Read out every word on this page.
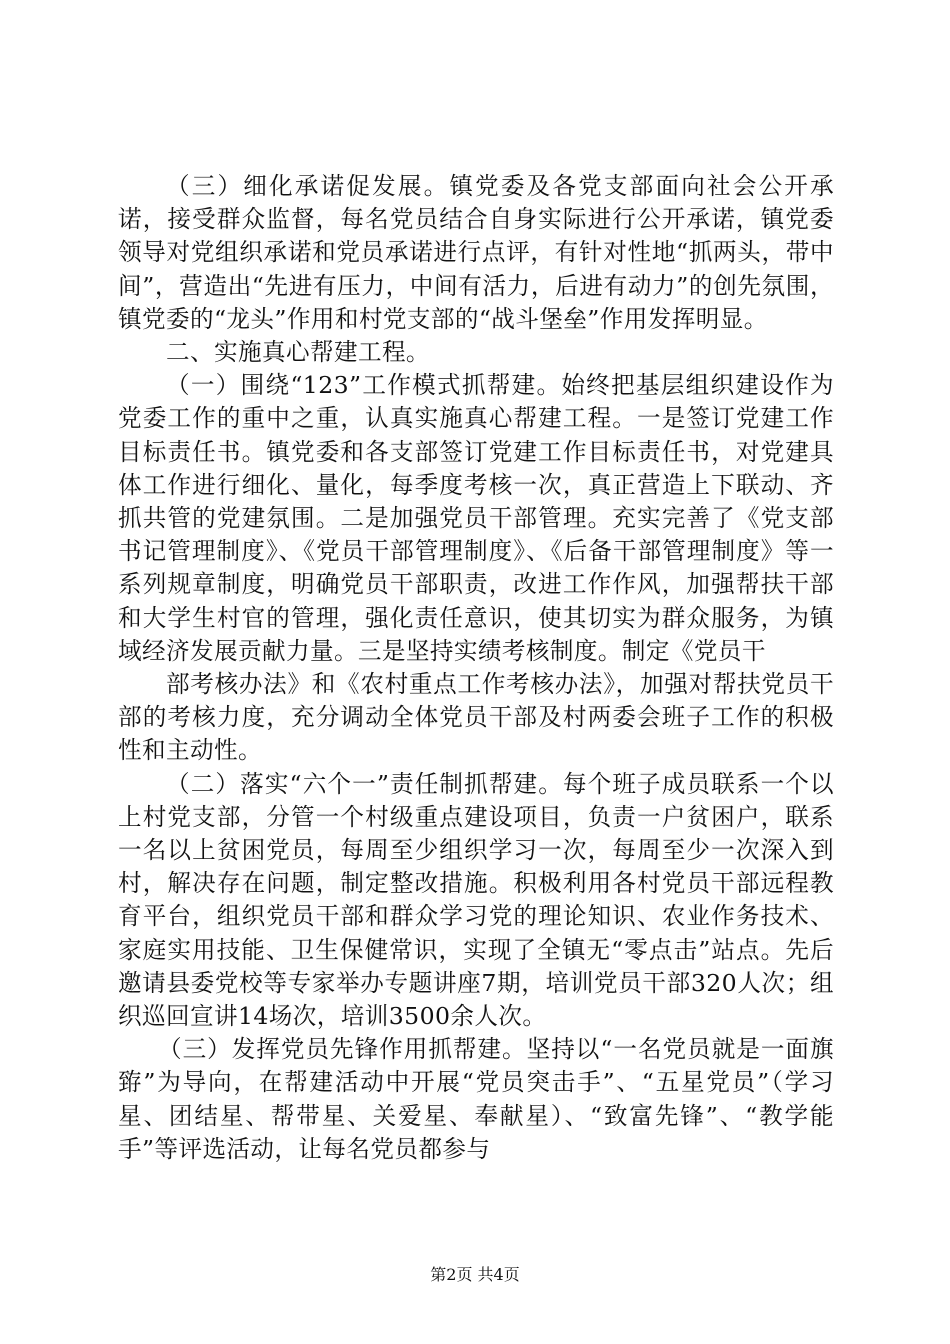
（三）细化承诺促发展。镇党委及各党支部面向社会公开承诺，接受群众监督，每名党员结合自身实际进行公开承诺，镇党委领导对党组织承诺和党员承诺进行点评，有针对性地“抓两头，带中间”，营造出“先进有压力，中间有活力，后进有动力”的创先氛围，镇党委的“龙头”作用和村党支部的“战斗堡垒”作用发挥明显。

二、实施真心帮建工程。

（一）围绕“123”工作模式抓帮建。始终把基层组织建设作为党委工作的重中之重，认真实施真心帮建工程。一是签订党建工作目标责任书。镇党委和各支部签订党建工作目标责任书，对党建具体工作进行细化、量化，每季度考核一次，真正营造上下联动、齐抓共管的党建氛围。二是加强党员干部管理。充实完善了《党支部书记管理制度》、《党员干部管理制度》、《后备干部管理制度》等一系列规章制度，明确党员干部职责，改进工作作风，加强帮扶干部和大学生村官的管理，强化责任意识，使其切实为群众服务，为镇域经济发展贡献力量。三是坚持实绩考核制度。制定《党员干

部考核办法》和《农村重点工作考核办法》，加强对帮扶党员干部的考核力度，充分调动全体党员干部及村两委会班子工作的积极性和主动性。

（二）落实“六个一”责任制抓帮建。每个班子成员联系一个以上村党支部，分管一个村级重点建设项目，负责一户贫困户，联系一名以上贫困党员，每周至少组织学习一次，每周至少一次深入到村，解决存在问题，制定整改措施。积极利用各村党员干部远程教育平台，组织党员干部和群众学习党的理论知识、农业作务技术、家庭实用技能、卫生保健常识，实现了全镇无“零点击”站点。先后邀请县委党校等专家举办专题讲座7期，培训党员干部320人次；组织巡回宣讲14场次，培训3500余人次。

（三）发挥党员先锋作用抓帮建。坚持以“一名党员就是一面旗臶”为导向，在帮建活动中开展“党员突击手”、“五星党员”（学习星、团结星、帮带星、关爱星、奉献星）、“致富先锋”、“教学能手”等评选活动，让每名党员都参与

第2页 共4页
